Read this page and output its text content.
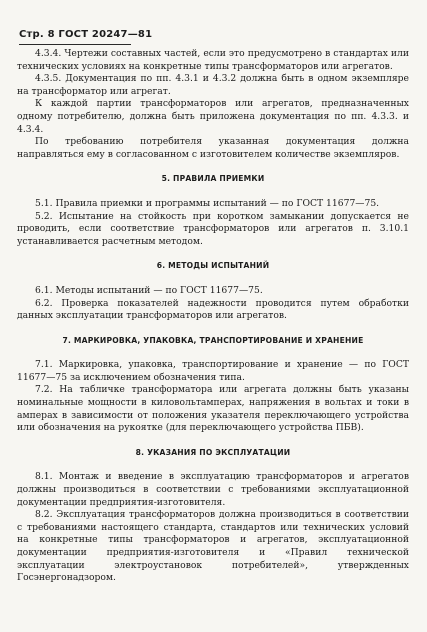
Стр. 8 ГОСТ 20247—81

4.3.4. Чертежи составных частей, если это предусмотрено в стандартах или технических условиях на конкретные типы трансформаторов или агрегатов.

4.3.5. Документация по пп. 4.3.1 и 4.3.2 должна быть в одном экземпляре на трансформатор или агрегат.

К каждой партии трансформаторов или агрегатов, предназначенных одному потребителю, должна быть приложена документация по пп. 4.3.3. и 4.3.4.

По требованию потребителя указанная документация должна направляться ему в согласованном с изготовителем количестве экземпляров.

5. ПРАВИЛА ПРИЕМКИ

5.1. Правила приемки и программы испытаний — по ГОСТ 11677—75.

5.2. Испытание на стойкость при коротком замыкании допускается не проводить, если соответствие трансформаторов или агрегатов п. 3.10.1 устанавливается расчетным методом.

6. МЕТОДЫ ИСПЫТАНИЙ

6.1. Методы испытаний — по ГОСТ 11677—75.

6.2. Проверка показателей надежности проводится путем обработки данных эксплуатации трансформаторов или агрегатов.

7. МАРКИРОВКА, УПАКОВКА, ТРАНСПОРТИРОВАНИЕ И ХРАНЕНИЕ

7.1. Маркировка, упаковка, транспортирование и хранение — по ГОСТ 11677—75 за исключением обозначения типа.

7.2. На табличке трансформатора или агрегата должны быть указаны номинальные мощности в киловольтамперах, напряжения в вольтах и токи в амперах в зависимости от положения указателя переключающего устройства или обозначения на рукоятке (для переключающего устройства ПБВ).

8. УКАЗАНИЯ ПО ЭКСПЛУАТАЦИИ

8.1. Монтаж и введение в эксплуатацию трансформаторов и агрегатов должны производиться в соответствии с требованиями эксплуатационной документации предприятия-изготовителя.

8.2. Эксплуатация трансформаторов должна производиться в соответствии с требованиями настоящего стандарта, стандартов или технических условий на конкретные типы трансформаторов и агрегатов, эксплуатационной документации предприятия-изготовителя и «Правил технической эксплуатации электроустановок потребителей», утвержденных Госэнергонадзором.
